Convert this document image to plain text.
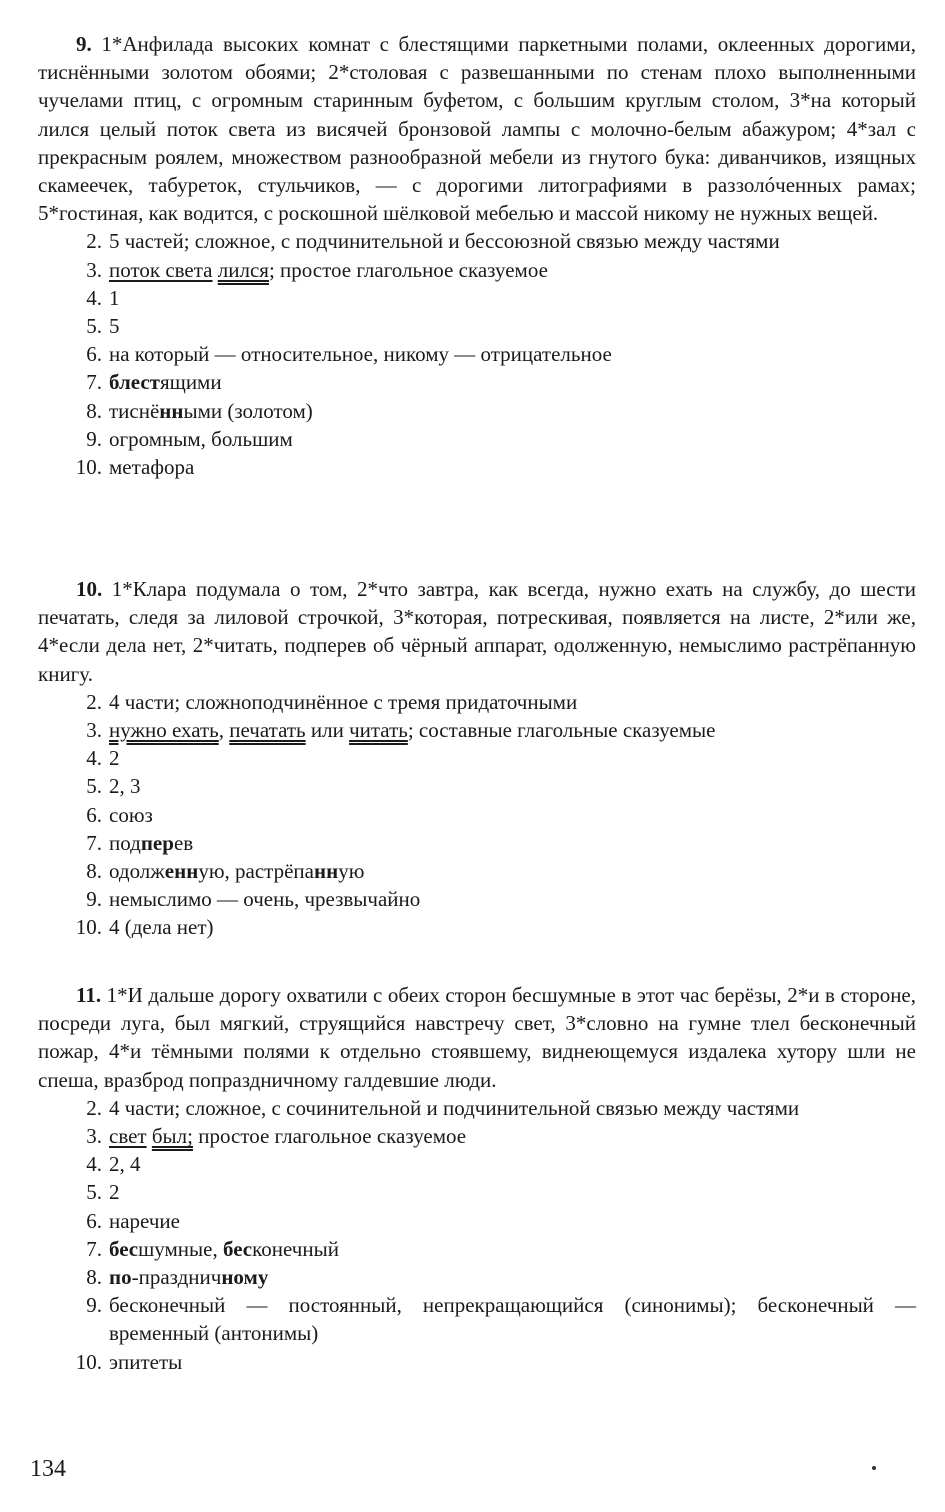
9. 1*Анфилада высоких комнат с блестящими паркетными полами, оклеенных дорогими, тиснёнными золотом обоями; 2*столовая с развешанными по стенам плохо выполненными чучелами птиц, с огромным старинным буфетом, с большим круглым столом, 3*на который лился целый поток света из висячей бронзовой лампы с молочно-белым абажуром; 4*зал с прекрасным роялем, множеством разнообразной мебели из гнутого бука: диванчиков, изящных скамеечек, табуреток, стульчиков, — с дорогими литографиями в раззолóченных рамах; 5*гостиная, как водится, с роскошной шёлковой мебелью и массой никому не нужных вещей.

2. 5 частей; сложное, с подчинительной и бессоюзной связью между частями
3. поток света лился; простое глагольное сказуемое
4. 1
5. 5
6. на который — относительное, никому — отрицательное
7. блестящими
8. тиснёнными (золотом)
9. огромным, большим
10. метафора

10. 1*Клара подумала о том, 2*что завтра, как всегда, нужно ехать на службу, до шести печатать, следя за лиловой строчкой, 3*которая, потрескивая, появляется на листе, 2*или же, 4*если дела нет, 2*читать, подперев об чёрный аппарат, одолженную, немыслимо растрёпанную книгу.

2. 4 части; сложноподчинённое с тремя придаточными
3. нужно ехать, печатать или читать; составные глагольные сказуемые
4. 2
5. 2, 3
6. союз
7. подперев
8. одолженную, растрёпанную
9. немыслимо — очень, чрезвычайно
10. 4 (дела нет)

11. 1*И дальше дорогу охватили с обеих сторон бесшумные в этот час берёзы, 2*и в стороне, посреди луга, был мягкий, струящийся навстречу свет, 3*словно на гумне тлел бесконечный пожар, 4*и тёмными полями к отдельно стоявшему, виднеющемуся издалека хутору шли не спеша, вразброд попраздничному галдевшие люди.

2. 4 части; сложное, с сочинительной и подчинительной связью между частями
3. свет был; простое глагольное сказуемое
4. 2, 4
5. 2
6. наречие
7. бесшумные, бесконечный
8. по-праздничному
9. бесконечный — постоянный, непрекращающийся (синонимы); бесконечный — временный (антонимы)
10. эпитеты
134
